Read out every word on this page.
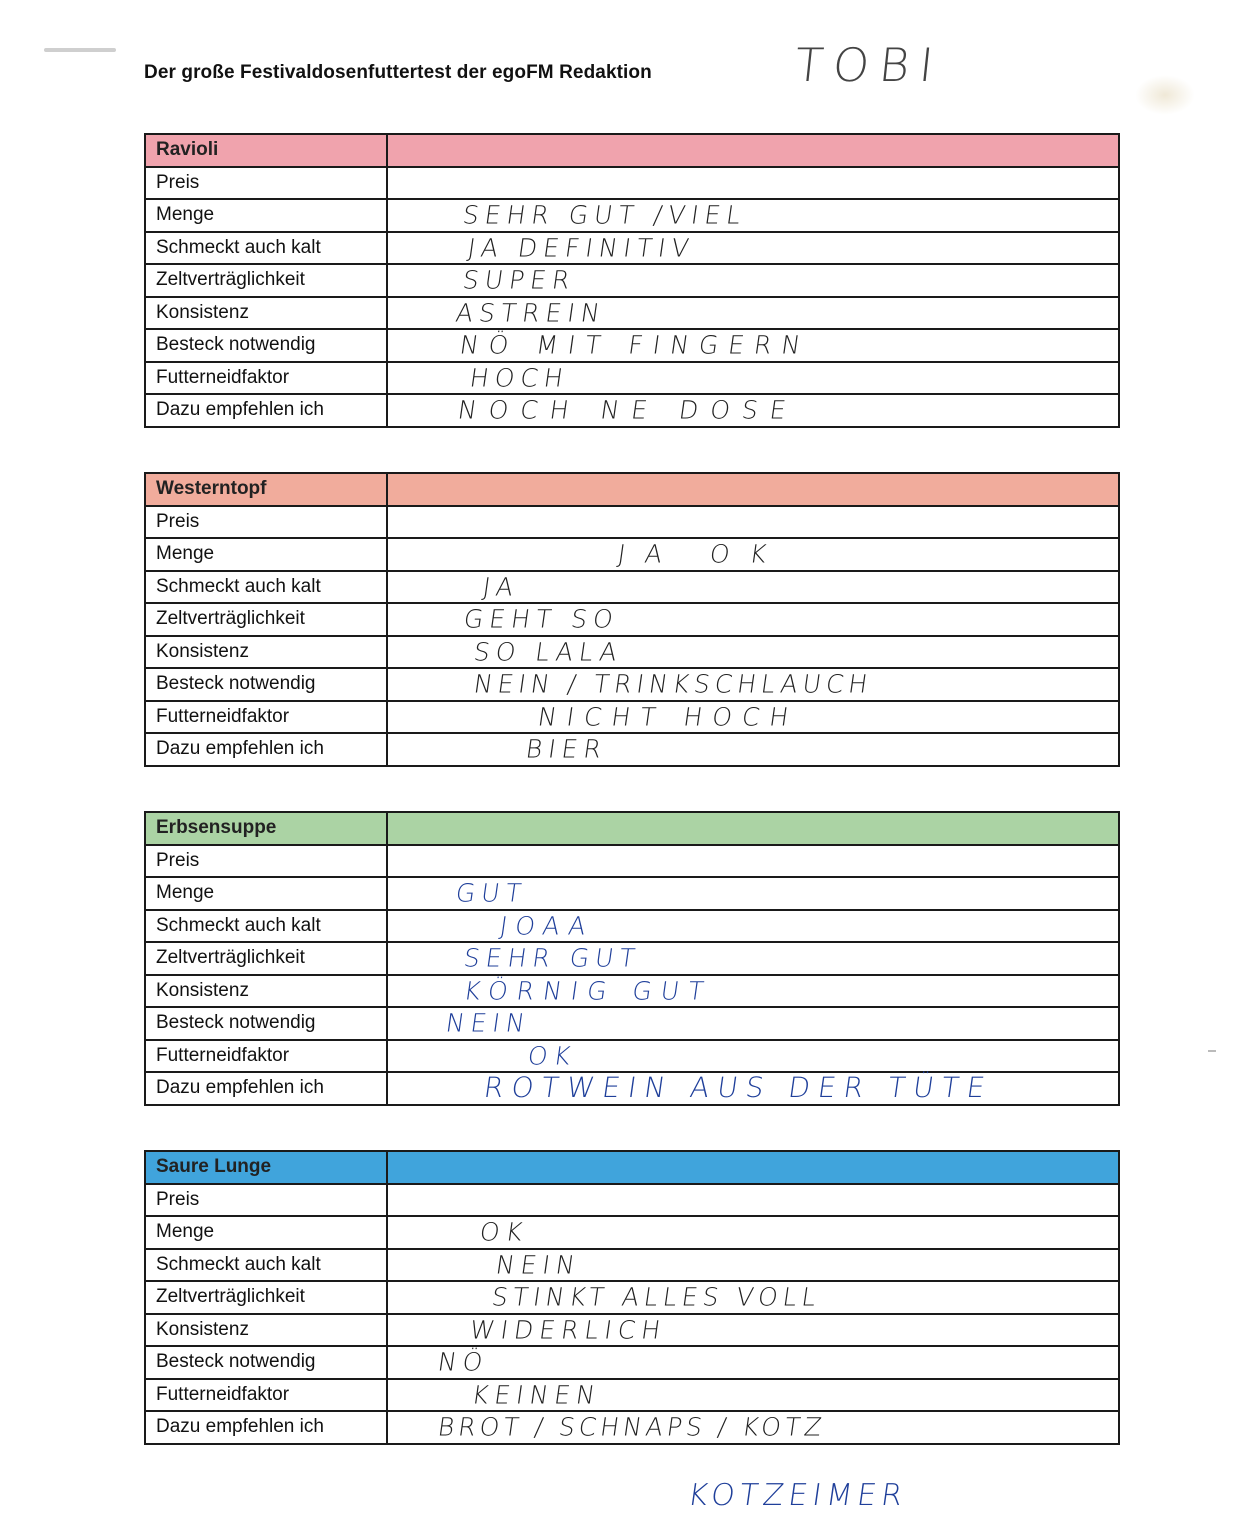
Der große Festivaldosenfuttertest der egoFM Redaktion	TOBI
Ravioli	
Preis	

Menge	SEHR GUT /VIEL

Schmeckt auch kalt	JA DEFINITIV

Zeltverträglichkeit	SUPER

Konsistenz	ASTREIN

Besteck notwendig	NÖ MIT FINGERN

Futterneidfaktor	HOCH

Dazu empfehlen ich	NOCH NE DOSE
Westerntopf	
Preis	

Menge	JA OK

Schmeckt auch kalt	JA

Zeltverträglichkeit	GEHT SO

Konsistenz	SO LALA

Besteck notwendig	NEIN / TRINKSCHLAUCH

Futterneidfaktor	NICHT HOCH

Dazu empfehlen ich	BIER
Erbsensuppe	
Preis	

Menge	GUT

Schmeckt auch kalt	JOAA

Zeltverträglichkeit	SEHR GUT

Konsistenz	KÖRNIG GUT

Besteck notwendig	NEIN

Futterneidfaktor	OK

Dazu empfehlen ich	ROTWEIN AUS DER TÜTE
Saure Lunge	
Preis	

Menge	OK

Schmeckt auch kalt	NEIN

Zeltverträglichkeit	STINKT ALLES VOLL

Konsistenz	WIDERLICH

Besteck notwendig	NÖ

Futterneidfaktor	KEINEN

Dazu empfehlen ich	BROT / SCHNAPS / KOTZ
KOTZEIMER
